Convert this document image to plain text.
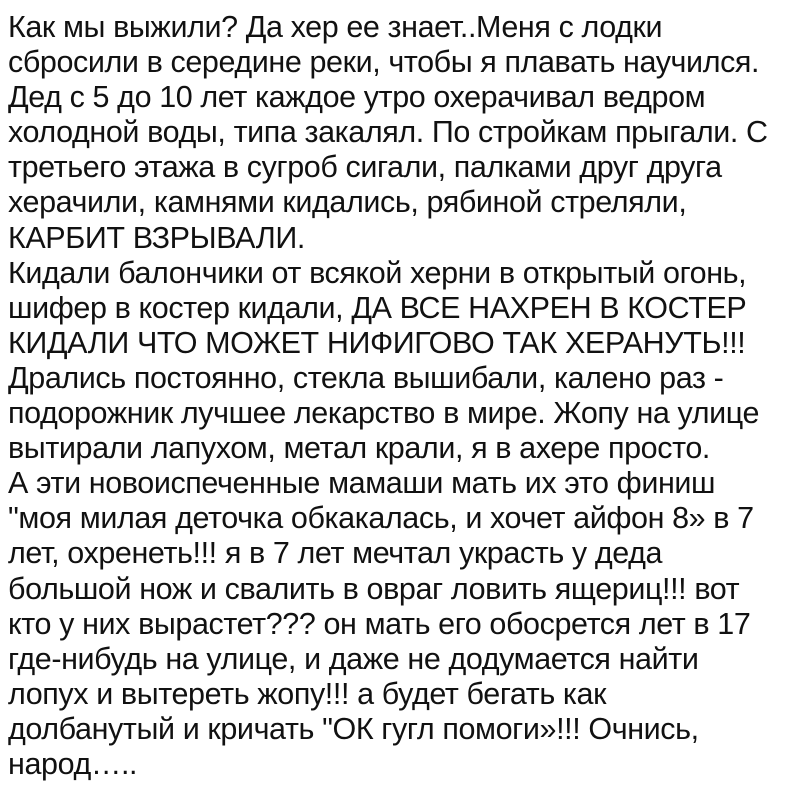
Как мы выжили? Да хер ее знает..Меня с лодки
сбросили в середине реки, чтобы я плавать научился.
Дед с 5 до 10 лет каждое утро охерачивал ведром
холодной воды, типа закалял. По стройкам прыгали. С
третьего этажа в сугроб сигали, палками друг друга
херачили, камнями кидались, рябиной стреляли,
КАРБИТ ВЗРЫВАЛИ.
Кидали балончики от всякой херни в открытый огонь,
шифер в костер кидали, ДА ВСЕ НАХРЕН В КОСТЕР
КИДАЛИ ЧТО МОЖЕТ НИФИГОВО ТАК ХЕРАНУТЬ!!!
Дрались постоянно, стекла вышибали, калено раз -
подорожник лучшее лекарство в мире. Жопу на улице
вытирали лапухом, метал крали, я в ахере просто.
А эти новоиспеченные мамаши мать их это финиш
"моя милая деточка обкакалась, и хочет айфон 8» в 7
лет, охренеть!!! я в 7 лет мечтал украсть у деда
большой нож и свалить в овраг ловить ящериц!!! вот
кто у них вырастет??? он мать его обосрется лет в 17
где-нибудь на улице, и даже не додумается найти
лопух и вытереть жопу!!! а будет бегать как
долбанутый и кричать "ОК гугл помоги»!!! Очнись,
народ…..
